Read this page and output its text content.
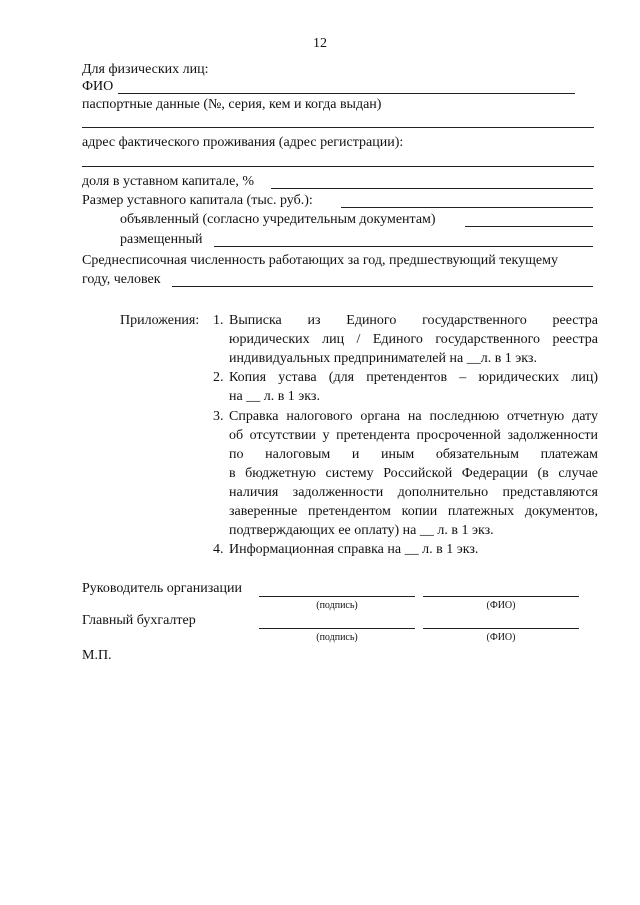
12
Для физических лиц:
ФИО
паспортные данные (№, серия, кем и когда выдан)
адрес фактического проживания (адрес регистрации):
доля в уставном капитале, %
Размер уставного капитала (тыс. руб.):
объявленный (согласно учредительным документам)
размещенный
Среднесписочная численность работающих за год, предшествующий текущему
году, человек
Приложения: 1. Выписка из Единого государственного реестра
юридических лиц / Единого государственного реестра
индивидуальных предпринимателей на __л. в 1 экз.
2. Копия устава (для претендентов – юридических лиц)
на __ л. в 1 экз.
3. Справка налогового органа на последнюю отчетную дату
об отсутствии у претендента просроченной задолженности
по налоговым и иным обязательным платежам
в бюджетную систему Российской Федерации (в случае
наличия задолженности дополнительно представляются
заверенные претендентом копии платежных документов,
подтверждающих ее оплату) на __ л. в 1 экз.
4. Информационная справка на __ л. в 1 экз.
Руководитель организации
(подпись)	(ФИО)
Главный бухгалтер
(подпись)	(ФИО)
М.П.
